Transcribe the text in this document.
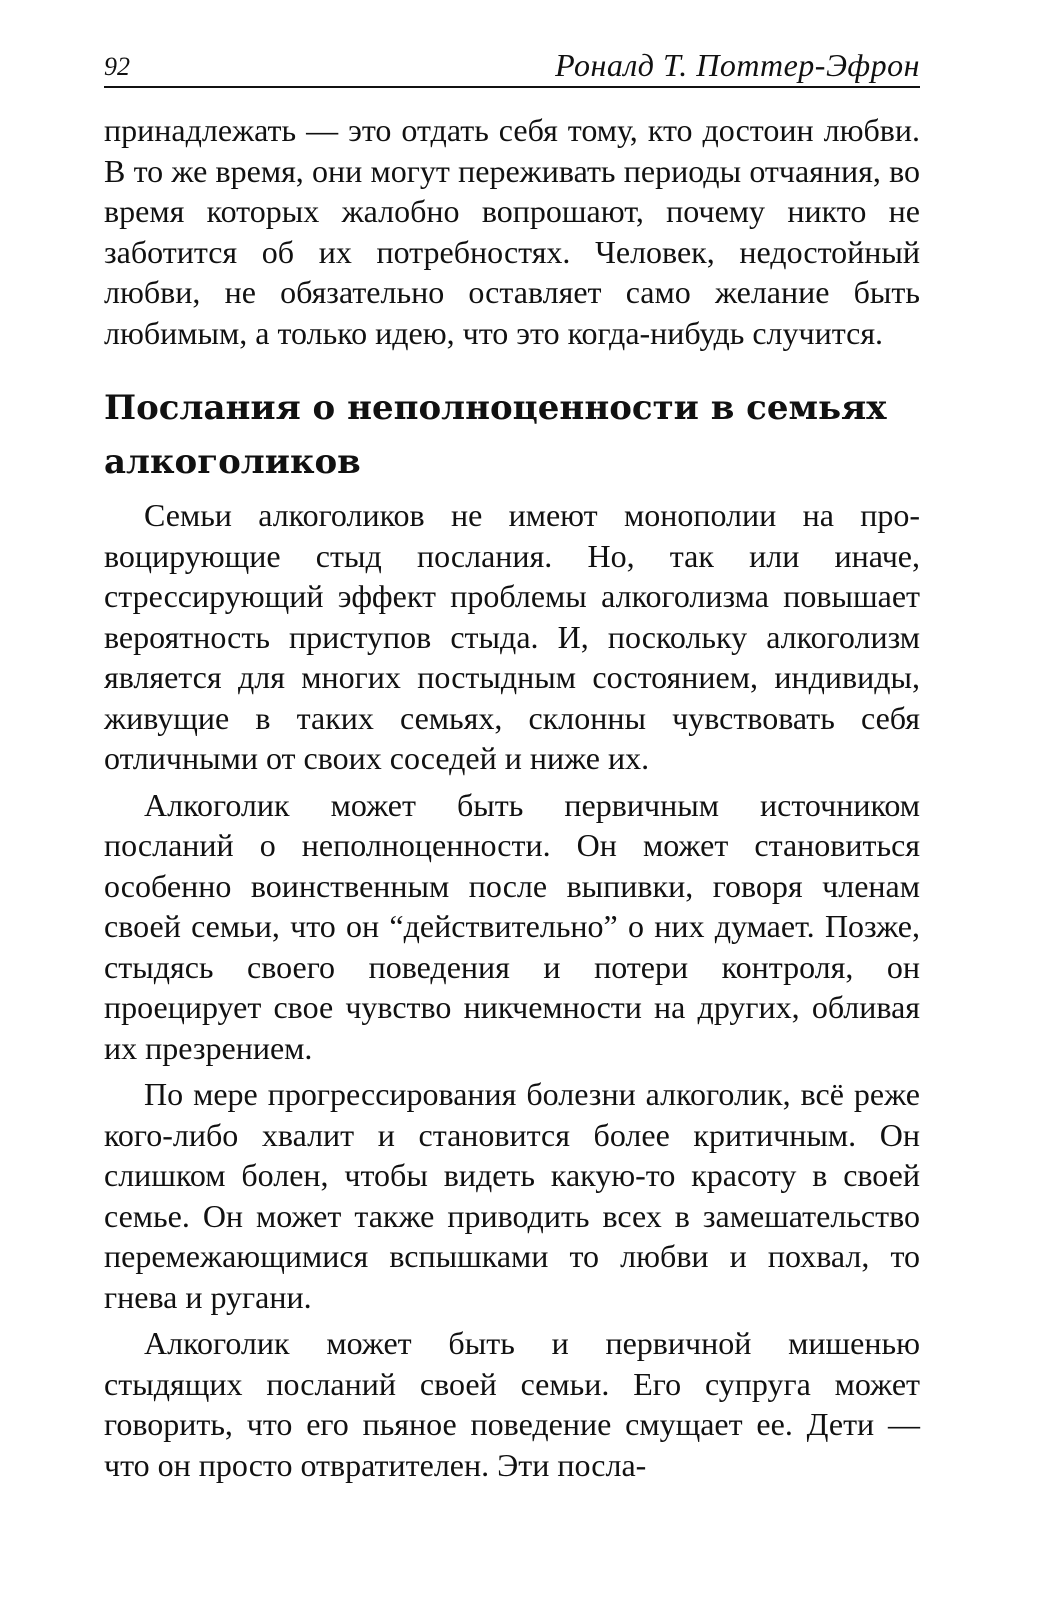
92	Роналд Т. Поттер-Эфрон

принадлежать — это отдать себя тому, кто достоин любви. В то же время, они могут переживать периоды отчаяния, во время которых жалобно вопрошают, почему никто не заботится об их потребностях. Человек, недостойный любви, не обязательно оставляет само желание быть любимым, а только идею, что это когда-нибудь случится.

Послания о неполноценности в семьях алкоголиков

Семьи алкоголиков не имеют монополии на провоцирующие стыд послания. Но, так или иначе, стрессирующий эффект проблемы алкоголизма повышает вероятность приступов стыда. И, поскольку алкоголизм является для многих постыдным состоянием, индивиды, живущие в таких семьях, склонны чувствовать себя отличными от своих соседей и ниже их.

Алкоголик может быть первичным источником посланий о неполноценности. Он может становиться особенно воинственным после выпивки, говоря членам своей семьи, что он “действительно” о них думает. Позже, стыдясь своего поведения и потери контроля, он проецирует свое чувство никчемности на других, обливая их презрением.

По мере прогрессирования болезни алкоголик, всё реже кого-либо хвалит и становится более критичным. Он слишком болен, чтобы видеть какую-то красоту в своей семье. Он может также приводить всех в замешательство перемежающимися вспышками то любви и похвал, то гнева и ругани.

Алкоголик может быть и первичной мишенью стыдящих посланий своей семьи. Его супруга может говорить, что его пьяное поведение смущает ее. Дети — что он просто отвратителен. Эти посла-
